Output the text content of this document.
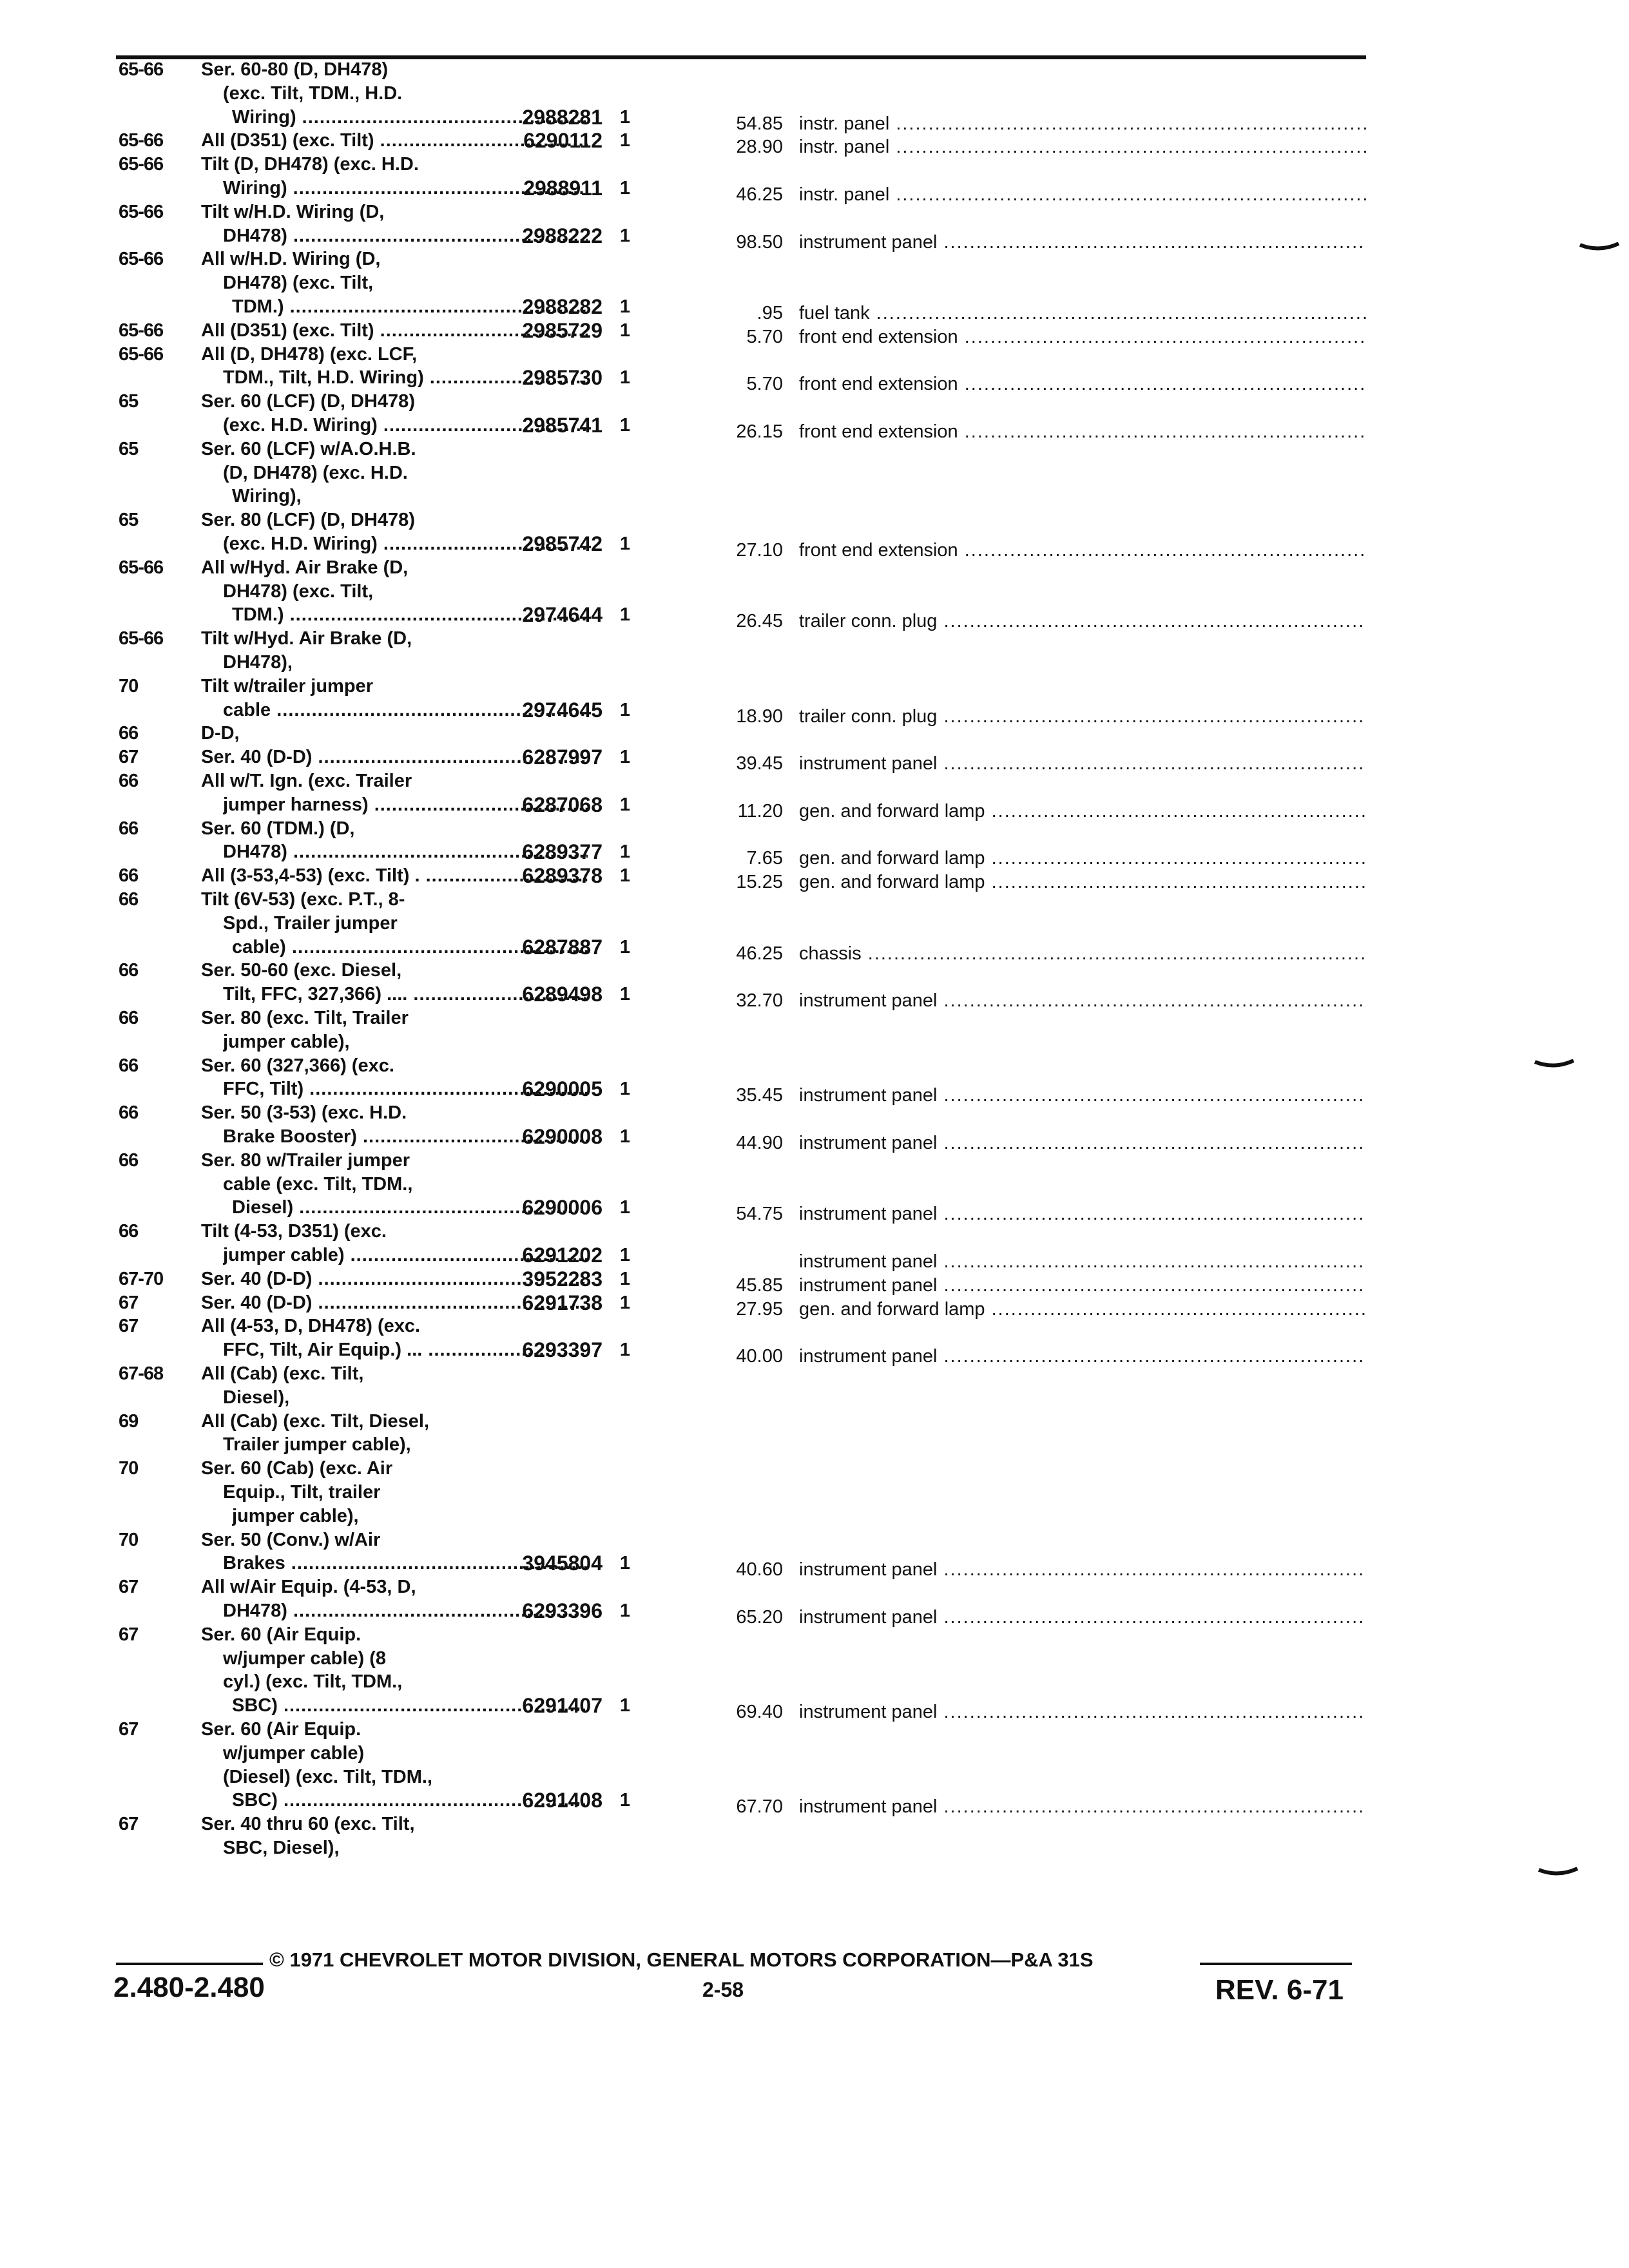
65-66	Ser. 60-80 (D, DH478)
(exc. Tilt, TDM., H.D.
Wiring) .....	2988281 1	54.85 instr. panel .....
65-66	All (D351) (exc. Tilt) .....	6290112 1	28.90 instr. panel .....
65-66	Tilt (D, DH478) (exc. H.D.
Wiring) .....	2988911 1	46.25 instr. panel .....
65-66	Tilt w/H.D. Wiring (D,
DH478) .....	2988222 1	98.50 instrument panel .....
65-66	All w/H.D. Wiring (D,
DH478) (exc. Tilt,
TDM.) .....	2988282 1	.95 fuel tank .....
65-66	All (D351) (exc. Tilt) .....	2985729 1	5.70 front end extension .....
65-66	All (D, DH478) (exc. LCF,
TDM., Tilt, H.D. Wiring) .....	2985730 1	5.70 front end extension .....
65	Ser. 60 (LCF) (D, DH478)
(exc. H.D. Wiring) .....	2985741 1	26.15 front end extension .....
65	Ser. 60 (LCF) w/A.O.H.B.
(D, DH478) (exc. H.D.
Wiring),
65	Ser. 80 (LCF) (D, DH478)
(exc. H.D. Wiring) .....	2985742 1	27.10 front end extension .....
65-66	All w/Hyd. Air Brake (D,
DH478) (exc. Tilt,
TDM.) .....	2974644 1	26.45 trailer conn. plug .....
65-66	Tilt w/Hyd. Air Brake (D,
DH478),
70	Tilt w/trailer jumper
cable .....	2974645 1	18.90 trailer conn. plug .....
66	D-D,
67	Ser. 40 (D-D) .....	6287997 1	39.45 instrument panel .....
66	All w/T. Ign. (exc. Trailer
jumper harness) .....	6287068 1	11.20 gen. and forward lamp .....
66	Ser. 60 (TDM.) (D,
DH478) .....	6289377 1	7.65 gen. and forward lamp .....
66	All (3-53,4-53) (exc. Tilt) . .....	6289378 1	15.25 gen. and forward lamp .....
66	Tilt (6V-53) (exc. P.T., 8-
Spd., Trailer jumper
cable) .....	6287887 1	46.25 chassis .....
66	Ser. 50-60 (exc. Diesel,
Tilt, FFC, 327,366) .... .....	6289498 1	32.70 instrument panel .....
66	Ser. 80 (exc. Tilt, Trailer
jumper cable),
66	Ser. 60 (327,366) (exc.
FFC, Tilt) .....	6290005 1	35.45 instrument panel .....
66	Ser. 50 (3-53) (exc. H.D.
Brake Booster) .....	6290008 1	44.90 instrument panel .....
66	Ser. 80 w/Trailer jumper
cable (exc. Tilt, TDM.,
Diesel) .....	6290006 1	54.75 instrument panel .....
66	Tilt (4-53, D351) (exc.
jumper cable) .....	6291202 1	instrument panel .....
67-70	Ser. 40 (D-D) .....	3952283 1	45.85 instrument panel .....
67	Ser. 40 (D-D) .....	6291738 1	27.95 gen. and forward lamp .....
67	All (4-53, D, DH478) (exc.
FFC, Tilt, Air Equip.) ... .....	6293397 1	40.00 instrument panel .....
67-68	All (Cab) (exc. Tilt,
Diesel),
69	All (Cab) (exc. Tilt, Diesel,
Trailer jumper cable),
70	Ser. 60 (Cab) (exc. Air
Equip., Tilt, trailer
jumper cable),
70	Ser. 50 (Conv.) w/Air
Brakes .....	3945804 1	40.60 instrument panel .....
67	All w/Air Equip. (4-53, D,
DH478) .....	6293396 1	65.20 instrument panel .....
67	Ser. 60 (Air Equip.
w/jumper cable) (8
cyl.) (exc. Tilt, TDM.,
SBC) .....	6291407 1	69.40 instrument panel .....
67	Ser. 60 (Air Equip.
w/jumper cable)
(Diesel) (exc. Tilt, TDM.,
SBC) .....	6291408 1	67.70 instrument panel .....
67	Ser. 40 thru 60 (exc. Tilt,
SBC, Diesel),
© 1971 CHEVROLET MOTOR DIVISION, GENERAL MOTORS CORPORATION—P&A 31S
2.480-2.480	2-58	REV. 6-71
